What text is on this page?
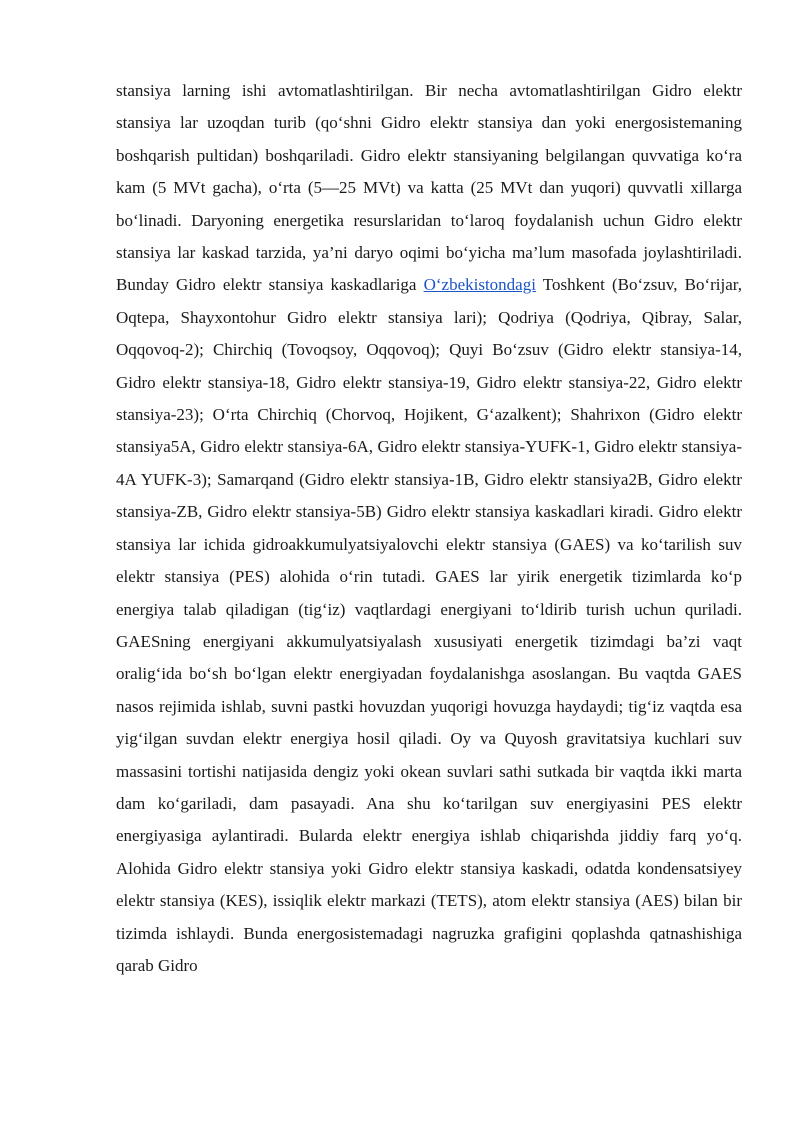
stansiya larning ishi avtomatlashtirilgan. Bir necha avtomatlashtirilgan Gidro elektr stansiya lar uzoqdan turib (qo‘shni Gidro elektr stansiya dan yoki energosistemaning boshqarish pultidan) boshqariladi. Gidro elektr stansiyaning belgilangan quvvatiga ko‘ra kam (5 MVt gacha), o‘rta (5—25 MVt) va katta (25 MVt dan yuqori) quvvatli xillarga bo‘linadi. Daryoning energetika resurslaridan to‘laroq foydalanish uchun Gidro elektr stansiya lar kaskad tarzida, ya’ni daryo oqimi bo‘yicha ma’lum masofada joylashtiriladi. Bunday Gidro elektr stansiya kaskadlariga O‘zbekistondagi Toshkent (Bo‘zsuv, Bo‘rijar, Oqtepa, Shayxontohur Gidro elektr stansiya lari); Qodriya (Qodriya, Qibray, Salar, Oqqovoq-2); Chirchiq (Tovoqsoy, Oqqovoq); Quyi Bo‘zsuv (Gidro elektr stansiya-14, Gidro elektr stansiya-18, Gidro elektr stansiya-19, Gidro elektr stansiya-22, Gidro elektr stansiya-23); O‘rta Chirchiq (Chorvoq, Hojikent, G‘azalkent); Shahrixon (Gidro elektr stansiya5A, Gidro elektr stansiya-6A, Gidro elektr stansiya-YUFK-1, Gidro elektr stansiya-4A YUFK-3); Samarqand (Gidro elektr stansiya-1B, Gidro elektr stansiya2B, Gidro elektr stansiya-ZB, Gidro elektr stansiya-5B) Gidro elektr stansiya kaskadlari kiradi. Gidro elektr stansiya lar ichida gidroakkumulyatsiyalovchi elektr stansiya (GAES) va ko‘tarilish suv elektr stansiya (PES) alohida o‘rin tutadi. GAES lar yirik energetik tizimlarda ko‘p energiya talab qiladigan (tig‘iz) vaqtlardagi energiyani to‘ldirib turish uchun quriladi. GAESning energiyani akkumulyatsiyalash xususiyati energetik tizimdagi ba’zi vaqt oralig‘ida bo‘sh bo‘lgan elektr energiyadan foydalanishga asoslangan. Bu vaqtda GAES nasos rejimida ishlab, suvni pastki hovuzdan yuqorigi hovuzga haydaydi; tig‘iz vaqtda esa yig‘ilgan suvdan elektr energiya hosil qiladi. Oy va Quyosh gravitatsiya kuchlari suv massasini tortishi natijasida dengiz yoki okean suvlari sathi sutkada bir vaqtda ikki marta dam ko‘gariladi, dam pasayadi. Ana shu ko‘tarilgan suv energiyasini PES elektr energiyasiga aylantiradi. Bularda elektr energiya ishlab chiqarishda jiddiy farq yo‘q. Alohida Gidro elektr stansiya yoki Gidro elektr stansiya kaskadi, odatda kondensatsiyey elektr stansiya (KES), issiqlik elektr markazi (TETS), atom elektr stansiya (AES) bilan bir tizimda ishlaydi. Bunda energosistemadagi nagruzka grafigini qoplashda qatnashishiga qarab Gidro
